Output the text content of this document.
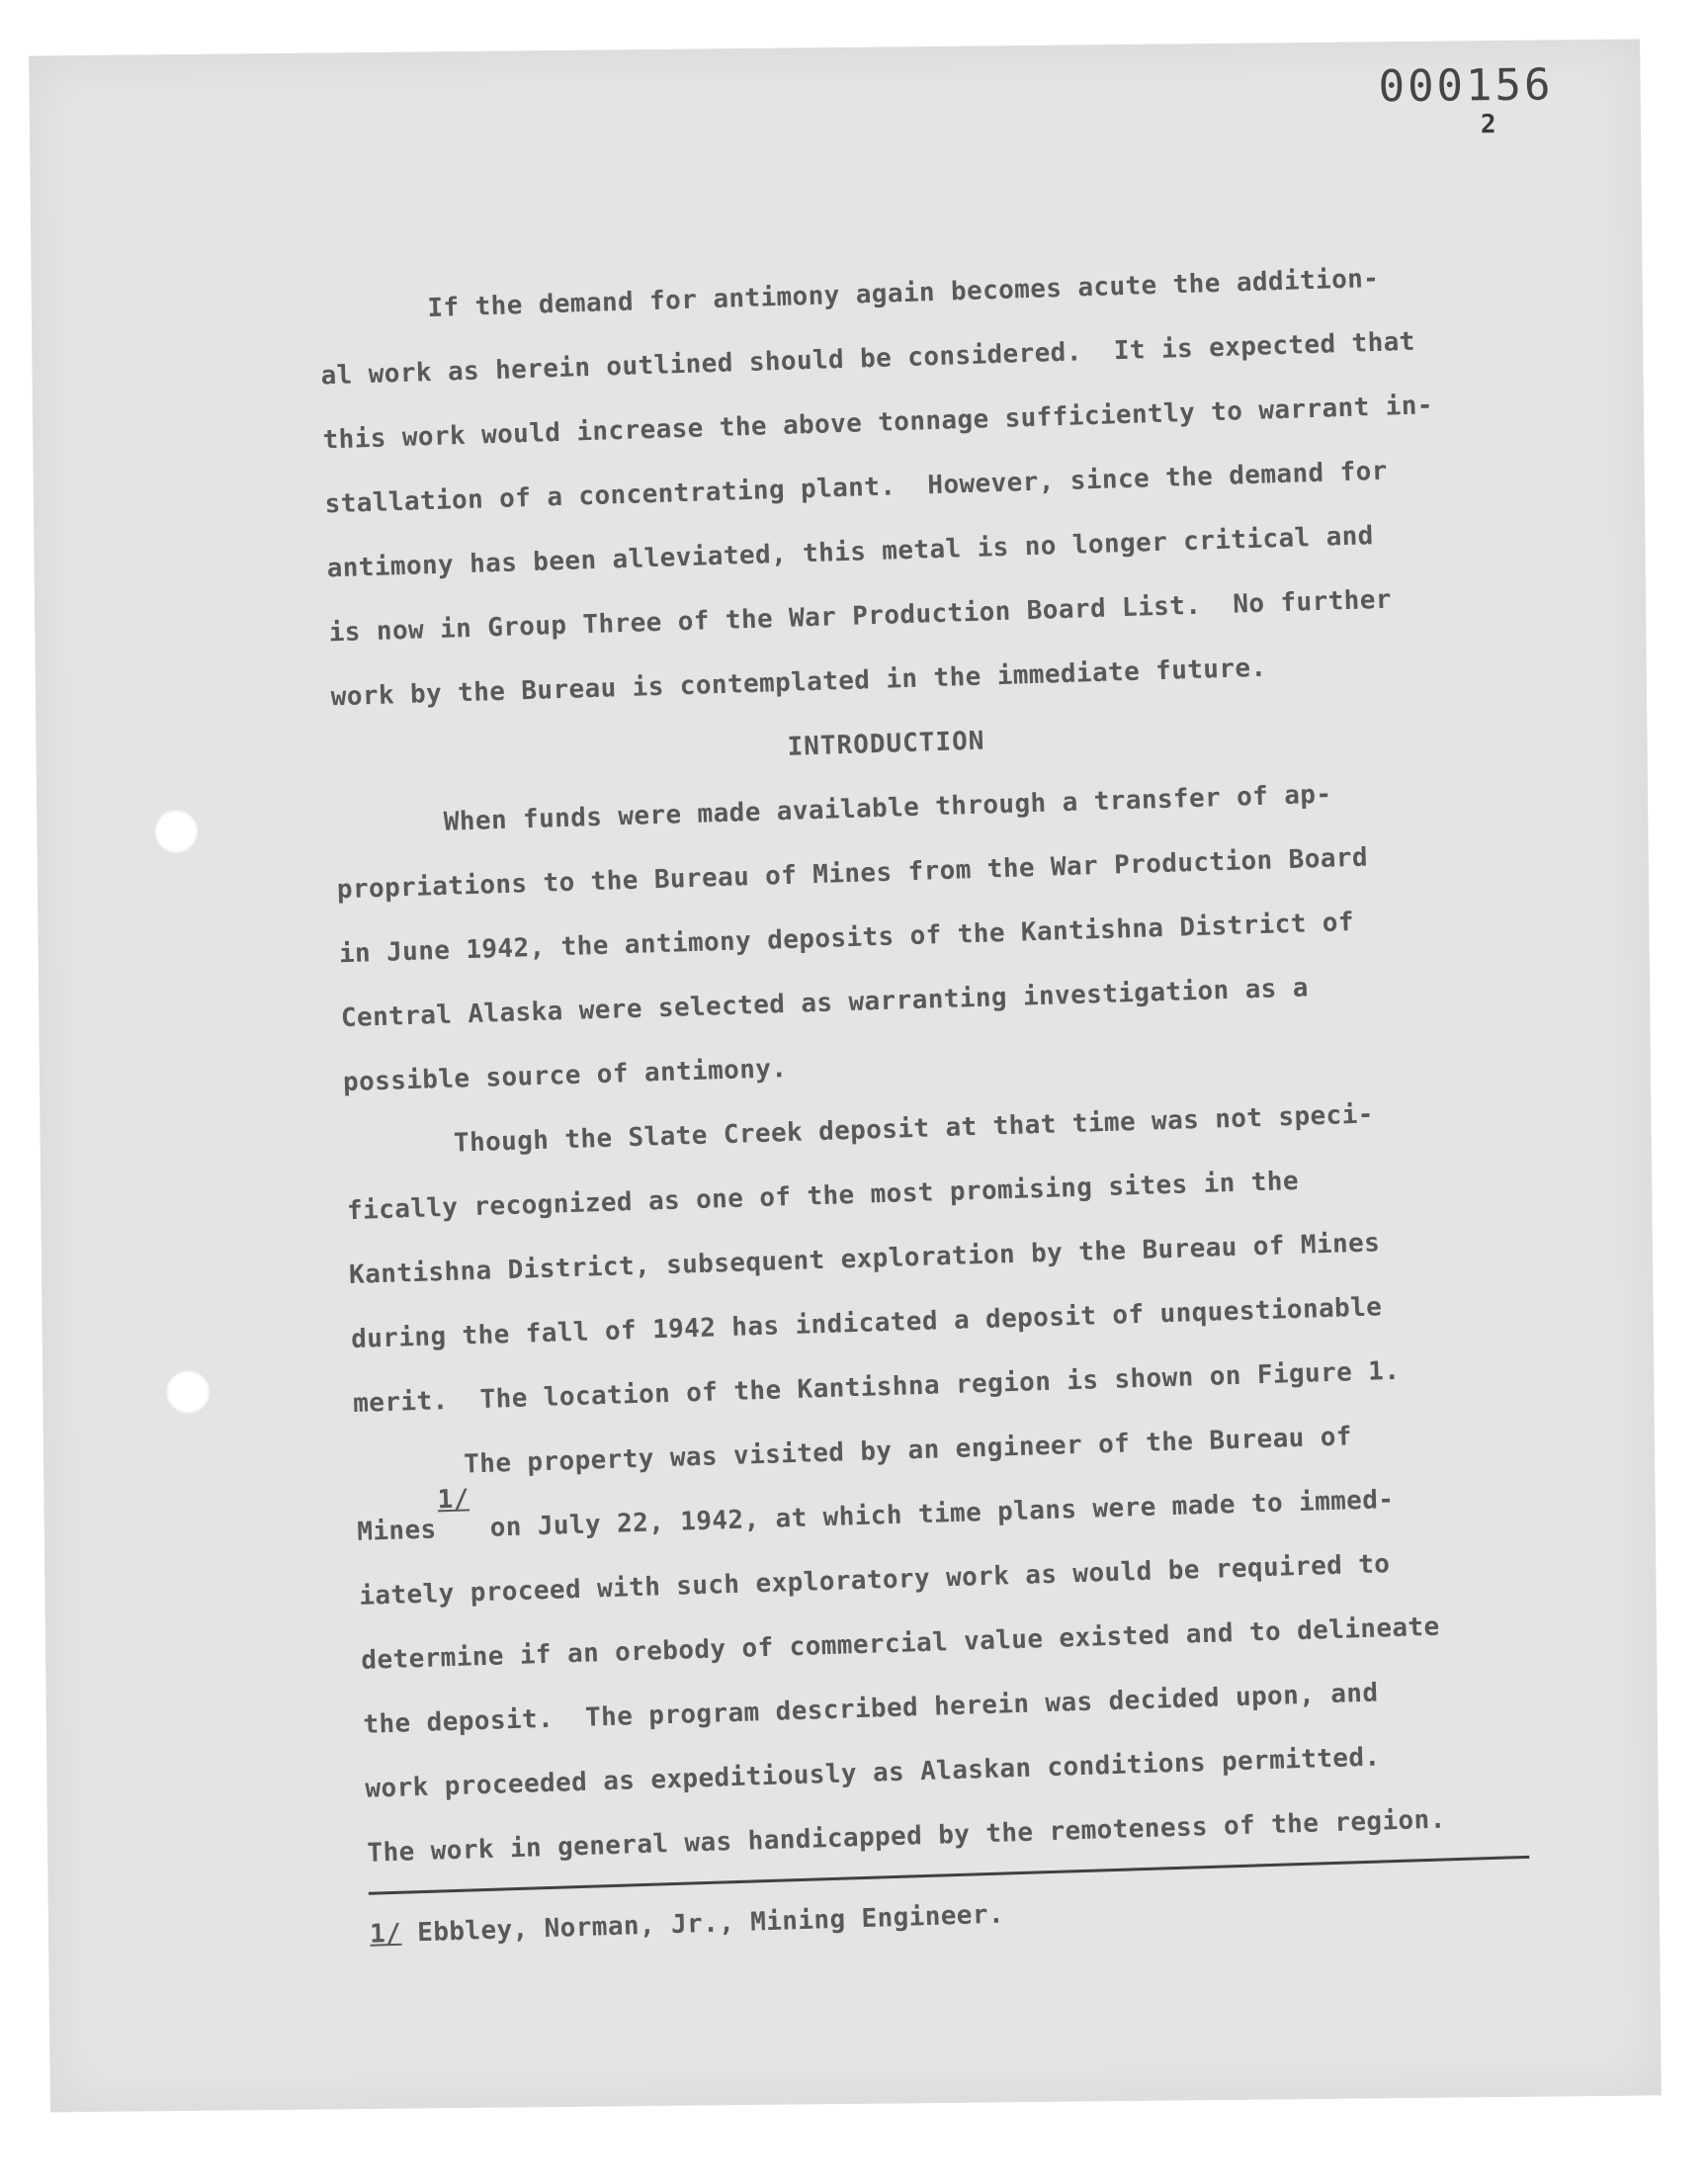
000156
2
If the demand for antimony again becomes acute the addition-
al work as herein outlined should be considered.  It is expected that
this work would increase the above tonnage sufficiently to warrant in-
stallation of a concentrating plant.  However, since the demand for
antimony has been alleviated, this metal is no longer critical and
is now in Group Three of the War Production Board List.  No further
work by the Bureau is contemplated in the immediate future.
INTRODUCTION
When funds were made available through a transfer of ap-
propriations to the Bureau of Mines from the War Production Board
in June 1942, the antimony deposits of the Kantishna District of
Central Alaska were selected as warranting investigation as a
possible source of antimony.
Though the Slate Creek deposit at that time was not speci-
fically recognized as one of the most promising sites in the
Kantishna District, subsequent exploration by the Bureau of Mines
during the fall of 1942 has indicated a deposit of unquestionable
merit.  The location of the Kantishna region is shown on Figure 1.
The property was visited by an engineer of the Bureau of
Mines1/ on July 22, 1942, at which time plans were made to immed-
iately proceed with such exploratory work as would be required to
determine if an orebody of commercial value existed and to delineate
the deposit.  The program described herein was decided upon, and
work proceeded as expeditiously as Alaskan conditions permitted.
The work in general was handicapped by the remoteness of the region.
1/ Ebbley, Norman, Jr., Mining Engineer.
